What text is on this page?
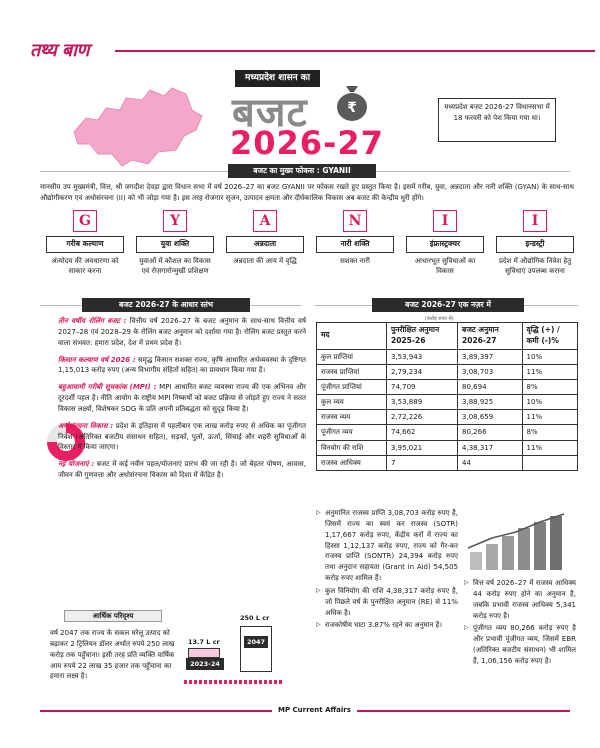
तथ्य बाण
मध्यप्रदेश शासन का
बजट	₹
2026-27
मध्यप्रदेश बजट 2026-27 विधानसभा में 18 फरवरी को पेश किया गया था।
बजट का मुख्य फोकस : GYANII
मानसीय उप मुख्यमंत्री, वित्त, श्री जगदीश देवड़ा द्वारा विधान सभा में वर्ष 2026–27 का बजट GYANII पर फोकस रखते हुए प्रस्तुत किया है। इसमें गरीब, युवा, अन्नदाता और नारी शक्ति (GYAN) के साथ-साथ औद्योगीकरण एवं अधोसंरचना (II) को भी जोड़ा गया है। इस तरह रोजगार सृजन, उत्पादन क्षमता और दीर्घकालिक विकास अब बजट की केन्द्रीय धुरी होंगे।
G
गरीब कल्याण
अंत्योदय की अवधारणा को साकार करना
Y
युवा शक्ति
युवाओं में कौशल का विकास एवं रोज़गारोन्मुखी प्रशिक्षण
A
अन्नदाता
अन्नदाता की आय में वृद्धि
N
नारी शक्ति
सशक्त नारी
I
इंफ्रास्ट्रक्चर
आधारभूत सुविधाओं का विकास
I
इन्डस्ट्री
प्रदेश में औद्योगिक निवेश हेतु सुविधाएं उपलब्ध कराना
बजट 2026-27 के आधार स्तंभ	बजट 2026-27 एक नज़र में
तीन वर्षीय रोलिंग बजट : वित्तीय वर्ष 2026–27 के बजट अनुमान के साथ-साथ वित्तीय वर्ष 2027–28 एवं 2028–29 के रोलिंग बजट अनुमान को दर्शाया गया है। रोलिंग बजट प्रस्तुत करने वाला संभवत: हमारा प्रदेश, देश में प्रथम प्रदेश है।
किसान कल्याण वर्ष 2026 : समृद्ध किसान सशक्त राज्य, कृषि आधारित अर्थव्यवस्था के दृष्टिगत 1,15,013 करोड़ रुपए (अन्य विभागीय संहितों सहित) का प्रावधान किया गया है।
बहुआयामी गरीबी सूचकांक (MPI) : MPI आधारित बजट व्यवस्था राज्य की एक अभिनव और दूरदर्शी पहल है। नीति आयोग के राष्ट्रीय MPI निष्कर्षों को बजट प्रक्रिया से जोड़ते हुए राज्य ने सतत विकास लक्ष्यों, विशेषकर SDG के प्रति अपनी प्रतिबद्धता को सुदृढ़ किया है।
अधोसंरचना विकास : प्रदेश के इतिहास में पहलीबार एक लाख करोड़ रुपए से अधिक का पूंजीगत निवेश (अतिरिक्त बजटीय संसाधन सहित), सड़कों, पुलों, ऊर्जा, सिंचाई और शहरी सुविधाओं के विस्तार में किया जाएगा।
नई योजनाएं : बजट में कई नवीन पहल/योजनाएं प्रारंभ की जा रही है। जो बेहतर पोषण, आवास, जीवन की गुणवत्ता और अधोसंरचना विकास को दिशा में केंद्रित है।
आर्थिक परिदृश्य
वर्ष 2047 तक राज्य के सकल घरेलू उत्पाद को बढ़ाकर 2 ट्रिलियन डॉलर अर्थात रुपये 250 लाख करोड़ तक पहुँचाना। इसी तरह प्रति व्यक्ति वार्षिक आय रुपये 22 लाख 35 हजार तक पहुँचाना का हमारा लक्ष्य है।
13.7 L cr
2023-24
250 L cr
2047
(करोड़ रुपए में)
मद	पुनरीक्षित अनुमान 2025-26	बजट अनुमान 2026-27	वृद्धि (+) / कमी (-)%
कुल प्राप्तियां	3,53,943	3,89,397	10%
राजस्व प्राप्तियां	2,79,234	3,08,703	11%
पूंजीगत प्राप्तियां	74,709	80,694	8%
कुल व्यय	3,53,889	3,88,925	10%
राजस्व व्यय	2,72,226	3,08,659	11%
पूंजीगत व्यय	74,662	80,266	8%
विनयोग की राशि	3,95,021	4,38,317	11%
राजस्व आधिक्य	7	44	
▷ अनुमानित राजस्व प्राप्ति 3,08,703 करोड़ रुपए है, जिसमें राज्य का स्वयं कर राजस्व (SOTR) 1,17,667 करोड़ रुपए, केंद्रीय करों में राज्य का हिस्सा 1,12,137 करोड़ रुपए, राज्य को गैर-कर राजस्व प्राप्ति (SONTR) 24,394 करोड़ रुपए तथा अनुदान सहायता (Grant in Aid) 54,505 करोड़ रुपए शामिल हैं।
▷ कुल विनियोग की राशि 4,38,317 करोड़ रुपए है, जो पिछले वर्ष के पुनरीक्षित अनुमान (RE) से 11% अधिक है।
▷ राजकोषीय घाटा 3.87% रहने का अनुमान है।
▷ वित्त वर्ष 2026–27 में राजस्व आधिक्य 44 करोड़ रुपए होने का अनुमान है, जबकि प्रभावी राजस्व आधिक्य 5,341 करोड़ रुपए है।
▷ पूंजीगत व्यय 80,266 करोड़ रुपए है और प्रभावी पूंजीगत व्यय, जिसमें EBR (अतिरिक्त बजटीय संसाधन) भी शामिल हैं, 1,06,156 करोड़ रुपए है।
MP Current Affairs
